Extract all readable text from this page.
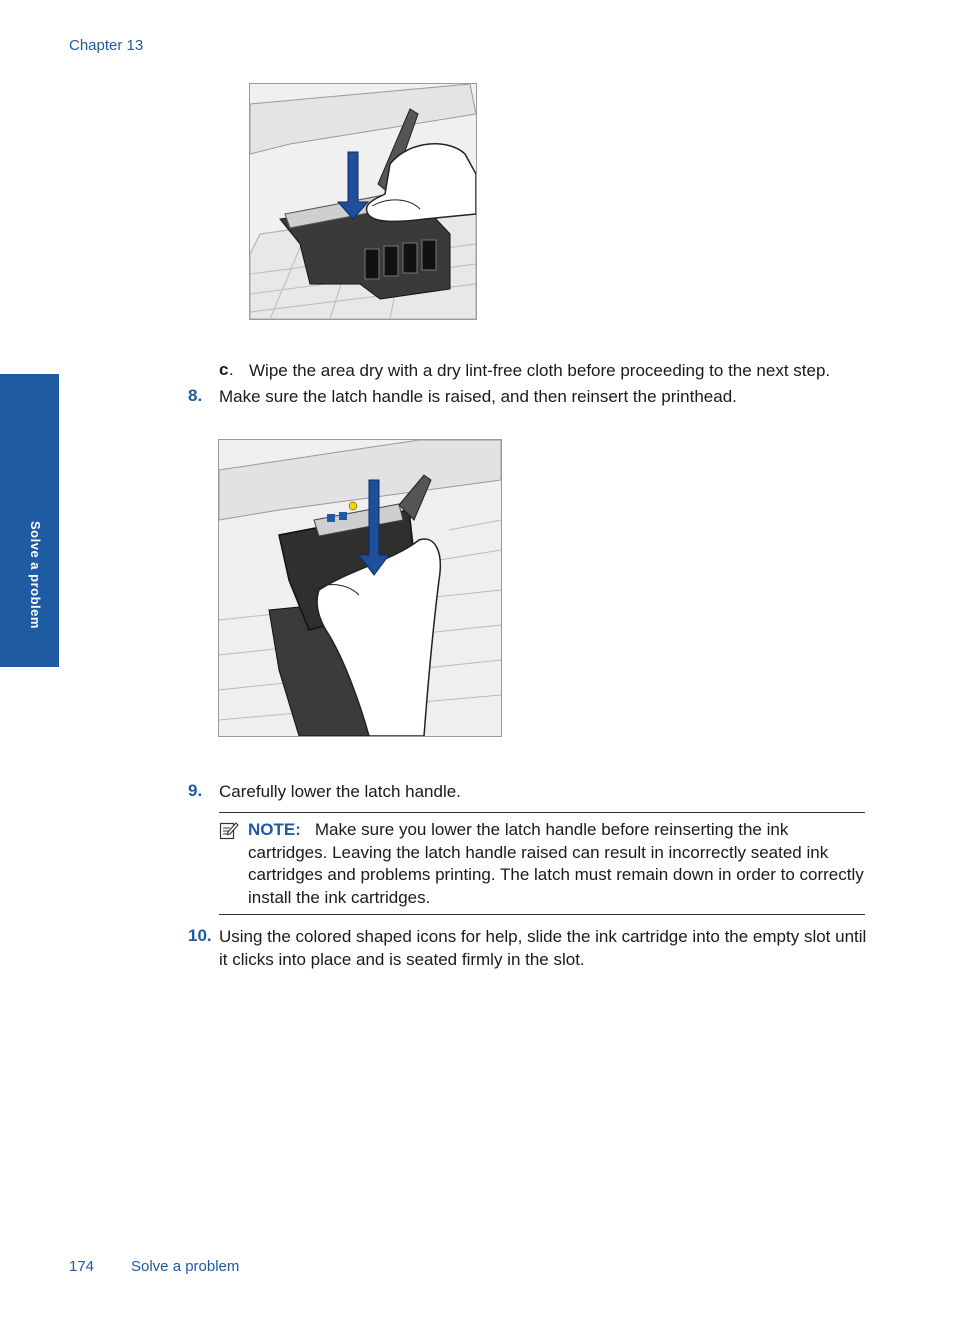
Chapter 13
Solve a problem
c . Wipe the area dry with a dry lint-free cloth before proceeding to the next step.
8. Make sure the latch handle is raised, and then reinsert the printhead.
9. Carefully lower the latch handle.
NOTE: Make sure you lower the latch handle before reinserting the ink cartridges. Leaving the latch handle raised can result in incorrectly seated ink cartridges and problems printing. The latch must remain down in order to correctly install the ink cartridges.
10. Using the colored shaped icons for help, slide the ink cartridge into the empty slot until it clicks into place and is seated firmly in the slot.
174 Solve a problem
